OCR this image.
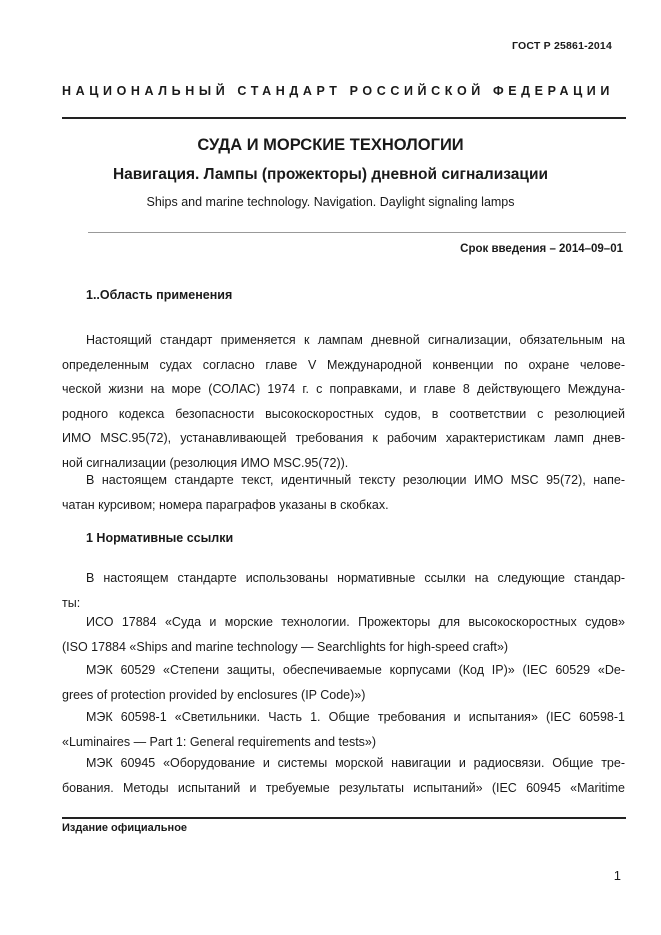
ГОСТ Р 25861-2014
НАЦИОНАЛЬНЫЙ СТАНДАРТ РОССИЙСКОЙ ФЕДЕРАЦИИ
СУДА И МОРСКИЕ ТЕХНОЛОГИИ
Навигация. Лампы (прожекторы) дневной сигнализации
Ships and marine technology. Navigation. Daylight signaling lamps
Срок введения – 2014–09–01
1..Область применения
Настоящий стандарт применяется к лампам дневной сигнализации, обязательным на
определенным судах согласно главе V Международной конвенции по охране челове-
ческой жизни на море (СОЛАС) 1974 г. с поправками, и главе 8 действующего Междуна-
родного кодекса безопасности высокоскоростных судов, в соответствии с резолюцией
ИМО MSC.95(72), устанавливающей требования к рабочим характеристикам ламп днев-
ной сигнализации (резолюция ИМО MSC.95(72)).
В настоящем стандарте текст, идентичный тексту резолюции ИМО MSC 95(72), напе-
чатан курсивом; номера параграфов указаны в скобках.
1 Нормативные ссылки
В настоящем стандарте использованы нормативные ссылки на следующие стандар-
ты:
ИСО 17884 «Суда и морские технологии. Прожекторы для высокоскоростных судов»
(ISO 17884 «Ships and marine technology — Searchlights for high-speed craft»)
МЭК 60529 «Степени защиты, обеспечиваемые корпусами (Код IP)» (IEC 60529 «De-
grees of protection provided by enclosures (IP Code)»)
МЭК 60598-1 «Светильники. Часть 1. Общие требования и испытания» (IEC 60598-1
«Luminaires — Part 1: General requirements and tests»)
МЭК 60945 «Оборудование и системы морской навигации и радиосвязи. Общие тре-
бования. Методы испытаний и требуемые результаты испытаний» (IEC 60945 «Maritime
Издание официальное
1
